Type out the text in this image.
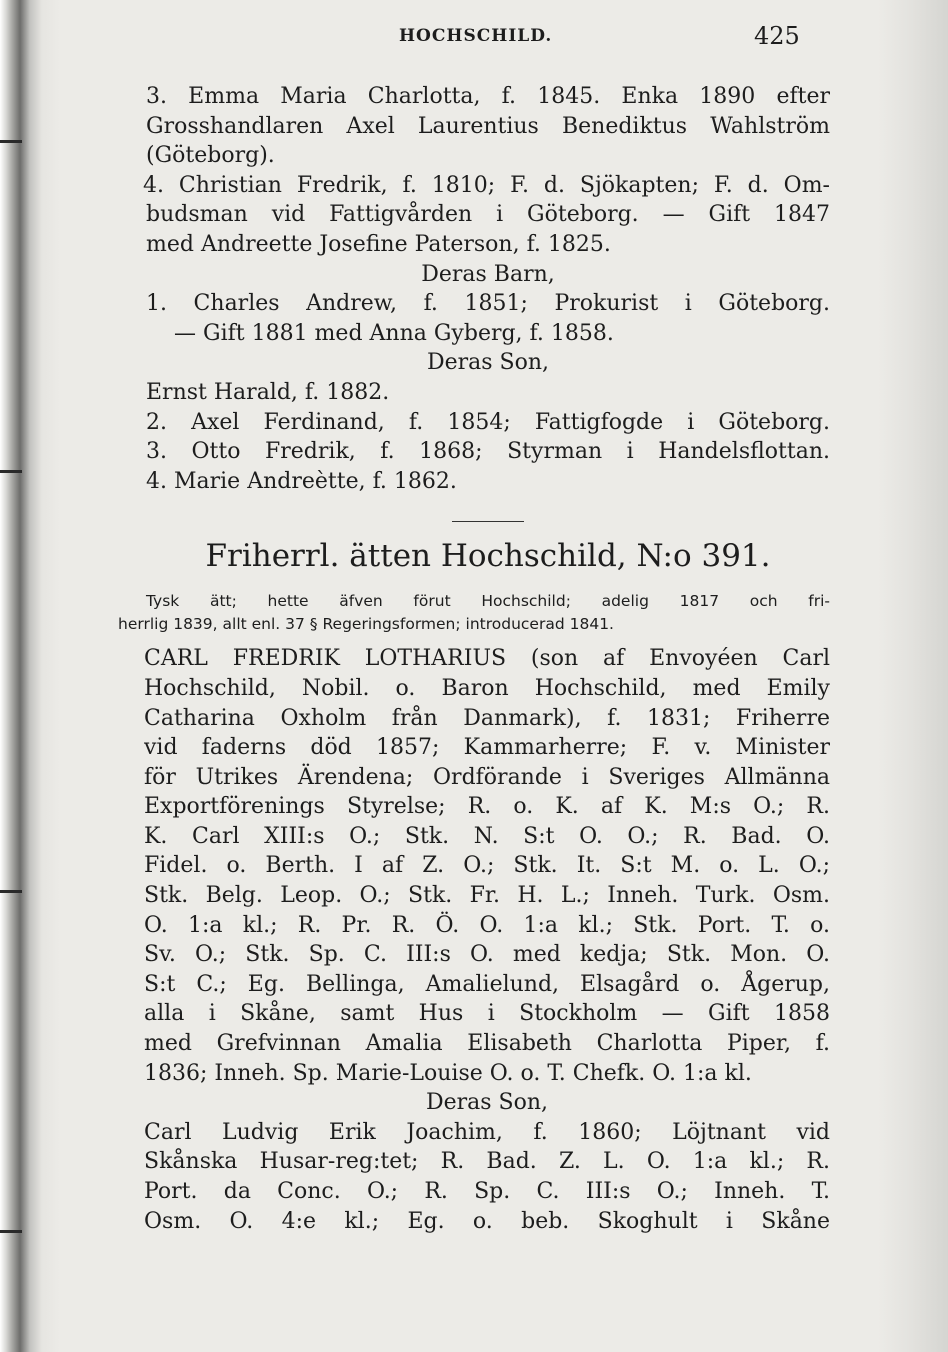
HOCHSCHILD.	425
3. Emma Maria Charlotta, f. 1845. Enka 1890 efter
Grosshandlaren Axel Laurentius Benediktus Wahlström
(Göteborg).
4. Christian Fredrik, f. 1810; F. d. Sjökapten; F. d. Om-
budsman vid Fattigvården i Göteborg. — Gift 1847
med Andreette Josefine Paterson, f. 1825.
Deras Barn,
1. Charles Andrew, f. 1851; Prokurist i Göteborg.
— Gift 1881 med Anna Gyberg, f. 1858.
Deras Son,
Ernst Harald, f. 1882.
2. Axel Ferdinand, f. 1854; Fattigfogde i Göteborg.
3. Otto Fredrik, f. 1868; Styrman i Handelsflottan.
4. Marie Andreètte, f. 1862.
Friherrl. ätten Hochschild, N:o 391.
Tysk ätt; hette äfven förut Hochschild; adelig 1817 och fri-
herrlig 1839, allt enl. 37 § Regeringsformen; introducerad 1841.
CARL FREDRIK LOTHARIUS (son af Envoyéen Carl
Hochschild, Nobil. o. Baron Hochschild, med Emily
Catharina Oxholm från Danmark), f. 1831; Friherre
vid faderns död 1857; Kammarherre; F. v. Minister
för Utrikes Ärendena; Ordförande i Sveriges Allmänna
Exportförenings Styrelse; R. o. K. af K. M:s O.; R.
K. Carl XIII:s O.; Stk. N. S:t O. O.; R. Bad. O.
Fidel. o. Berth. I af Z. O.; Stk. It. S:t M. o. L. O.;
Stk. Belg. Leop. O.; Stk. Fr. H. L.; Inneh. Turk. Osm.
O. 1:a kl.; R. Pr. R. Ö. O. 1:a kl.; Stk. Port. T. o.
Sv. O.; Stk. Sp. C. III:s O. med kedja; Stk. Mon. O.
S:t C.; Eg. Bellinga, Amalielund, Elsagård o. Ågerup,
alla i Skåne, samt Hus i Stockholm — Gift 1858
med Grefvinnan Amalia Elisabeth Charlotta Piper, f.
1836; Inneh. Sp. Marie-Louise O. o. T. Chefk. O. 1:a kl.
Deras Son,
Carl Ludvig Erik Joachim, f. 1860; Löjtnant vid
Skånska Husar-reg:tet; R. Bad. Z. L. O. 1:a kl.; R.
Port. da Conc. O.; R. Sp. C. III:s O.; Inneh. T.
Osm. O. 4:e kl.; Eg. o. beb. Skoghult i Skåne
